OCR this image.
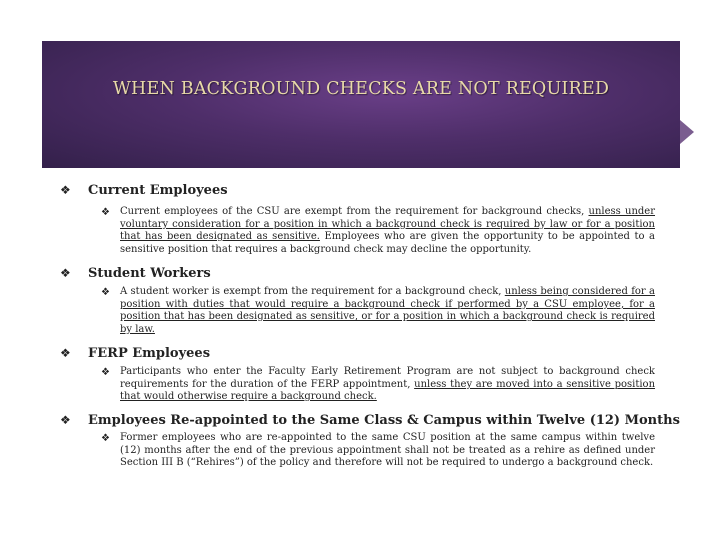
WHEN BACKGROUND CHECKS ARE NOT REQUIRED
❖ Current Employees
❖ Current employees of the CSU are exempt from the requirement for background checks, unless under voluntary consideration for a position in which a background check is required by law or for a position that has been designated as sensitive. Employees who are given the opportunity to be appointed to a sensitive position that requires a background check may decline the opportunity.
❖ Student Workers
❖ A student worker is exempt from the requirement for a background check, unless being considered for a position with duties that would require a background check if performed by a CSU employee, for a position that has been designated as sensitive, or for a position in which a background check is required by law.
❖ FERP Employees
❖ Participants who enter the Faculty Early Retirement Program are not subject to background check requirements for the duration of the FERP appointment, unless they are moved into a sensitive position that would otherwise require a background check.
❖ Employees Re-appointed to the Same Class & Campus within Twelve (12) Months
❖ Former employees who are re-appointed to the same CSU position at the same campus within twelve (12) months after the end of the previous appointment shall not be treated as a rehire as defined under Section III B (“Rehires”) of the policy and therefore will not be required to undergo a background check.
